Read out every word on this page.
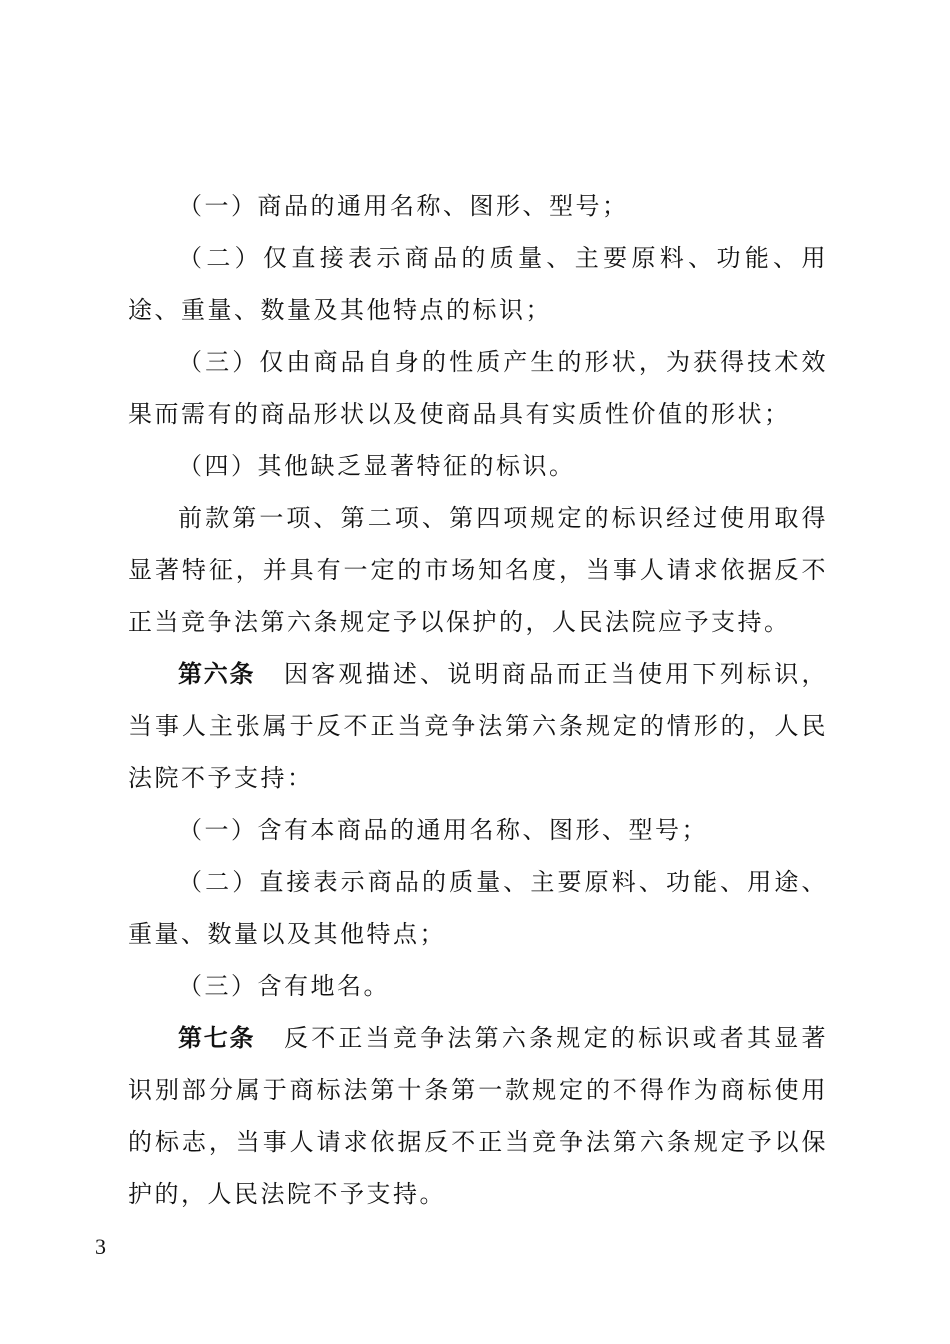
（一）商品的通用名称、图形、型号；

（二）仅直接表示商品的质量、主要原料、功能、用途、重量、数量及其他特点的标识；

（三）仅由商品自身的性质产生的形状，为获得技术效果而需有的商品形状以及使商品具有实质性价值的形状；

（四）其他缺乏显著特征的标识。

前款第一项、第二项、第四项规定的标识经过使用取得显著特征，并具有一定的市场知名度，当事人请求依据反不正当竞争法第六条规定予以保护的，人民法院应予支持。

第六条 因客观描述、说明商品而正当使用下列标识，当事人主张属于反不正当竞争法第六条规定的情形的，人民法院不予支持：

（一）含有本商品的通用名称、图形、型号；

（二）直接表示商品的质量、主要原料、功能、用途、重量、数量以及其他特点；

（三）含有地名。

第七条 反不正当竞争法第六条规定的标识或者其显著识别部分属于商标法第十条第一款规定的不得作为商标使用的标志，当事人请求依据反不正当竞争法第六条规定予以保护的，人民法院不予支持。

3
